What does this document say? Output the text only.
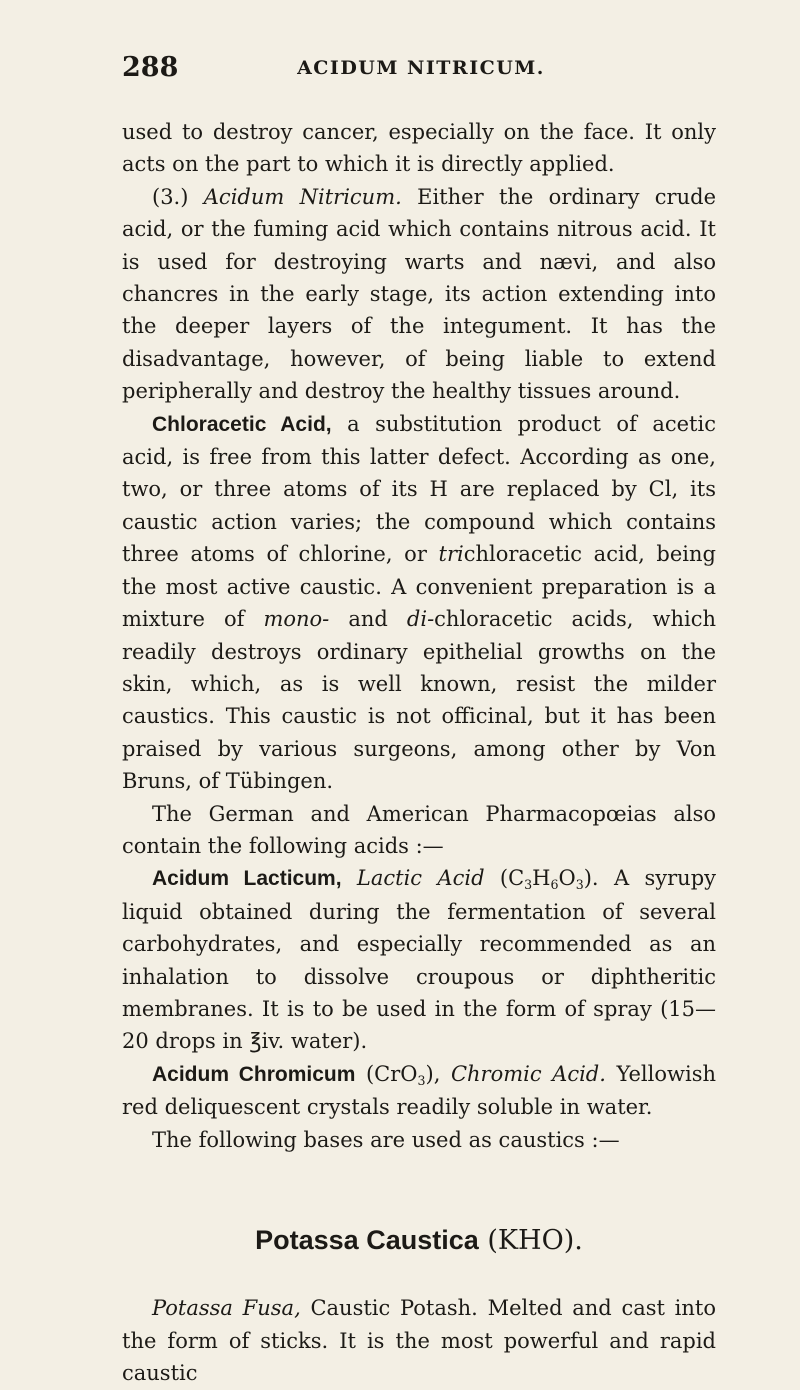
288	ACIDUM NITRICUM.

used to destroy cancer, especially on the face. It only acts on the part to which it is directly applied.

(3.) Acidum Nitricum. Either the ordinary crude acid, or the fuming acid which contains nitrous acid. It is used for destroying warts and nævi, and also chancres in the early stage, its action extending into the deeper layers of the integument. It has the disadvantage, however, of being liable to extend peripherally and destroy the healthy tissues around.

Chloracetic Acid, a substitution product of acetic acid, is free from this latter defect. According as one, two, or three atoms of its H are replaced by Cl, its caustic action varies; the compound which contains three atoms of chlorine, or trichloracetic acid, being the most active caustic. A convenient preparation is a mixture of mono- and di-chloracetic acids, which readily destroys ordinary epithelial growths on the skin, which, as is well known, resist the milder caustics. This caustic is not officinal, but it has been praised by various surgeons, among other by Von Bruns, of Tübingen.

The German and American Pharmacopœias also contain the following acids :—

Acidum Lacticum, Lactic Acid $(C_3H_6O_3)$. A syrupy liquid obtained during the fermentation of several carbohydrates, and especially recommended as an inhalation to dissolve croupous or diphtheritic membranes. It is to be used in the form of spray (15—20 drops in ℥iv. water).

Acidum Chromicum (CrO$_3$), Chromic Acid. Yellowish red deliquescent crystals readily soluble in water.

The following bases are used as caustics :—

Potassa Caustica (KHO).

Potassa Fusa, Caustic Potash. Melted and cast into the form of sticks. It is the most powerful and rapid caustic
